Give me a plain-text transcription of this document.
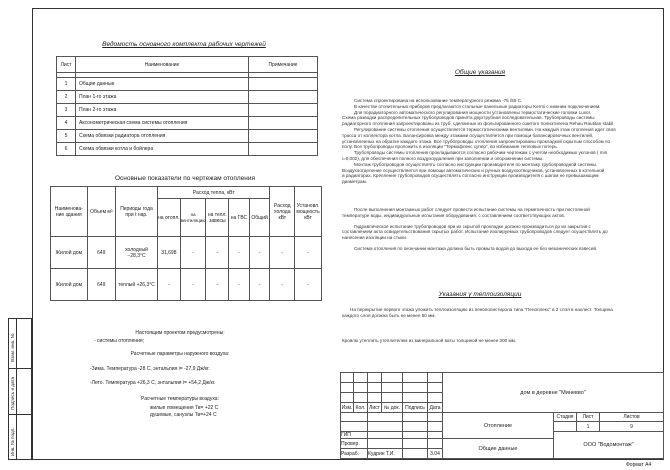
Взам. инв. №
Подпись и дата
Инв. № подл.
Ведомость основного комплекта рабочих чертежей
Лист	Наименование	Примечание

1	Общие данные	
2	План 1-го этажа	
3	План 2-го этажа	
4	Аксонометрическая схема системы отопления	
5	Схема обвязки радиатора отопления	
6	Схема обвязки котла и бойлера	
Основные показатели по чертежам отопления
Наименова-ние здания	Объем м³	Периоды года при t нар.	Расход тепла, кВт					Расход холода кВт	Установл. мощность кВт
			на отопл.	на вентиляцию	на тепл. завесы	на ГВС	Общий		
Жилой дом	649	холодный −28,3°С	31,698	-	-	-	-	-	-
Жилой дом	649	теплый +26,3°С	-	-	-	-	-	-	-
Настоящим проектом предусмотрены:
- системы отопления;
Расчетные параметры наружного воздуха:
-Зима. Температура -28 С, энтальпия i= -27,9 Дж/кг.
-Лето. Температура +26,3 С, энтальпия i= +54,2 Дж/кг.
Расчетные температуры воздуха:
жилые помещения Тв= +22 С
душевые, санузлы Тв=+24 С
Общие указания
Система спроектирована на использование температурного режима -75 /55 С.
В качестве отопительных приборов предлагаются стальные панельные радиаторы Kermi с нижним подключением.
Для порадиаторного автоматического регулирования мощности установлены термостатические головки Luxor.
Схема разводки распределительных трубопроводов принята двухтрубная последовательная. Трубопроводы системы
радиаторного отопления запроектированы из труб, сделанных из фольгированного сшитого полиэтилена Rehau Rautitan stabil.
Регулирование системы отопления осуществляется термостатическими вентилями. На каждый этаж отопления идет своя
трасса от коллектора котла. Балансировка между этажами осуществляется при помощи балансировочных вентилей,
установленных на обратке каждого этажа. Все трубопроводы отопления запроектированы прокладкой скрытым способом по
полу. Все трубопроводы проложить в изоляции "Термофлекс супер", во избежание тепловых потерь.
Трубопроводы системы отопления прокладываются согласно рабочим чертежам с учетом необходимых уклонов ( min
i=0,002), для обеспечения полного воздухоудаления при заполнении и опорожнении системы.
Монтаж трубопроводов осуществлять согласно инструкции производителя по монтажу трубопроводной системы.
Воздухоотделение осуществляется при помощи автоматических и ручных воздухоотводчиков, установленных в котельной
и радиаторах. Крепление трубопроводов осуществлять согласно инструкции производителя с шагом не превышающим
диаметрам.
После выполнения монтажных работ следует провести испытание системы на герметичность при постоянной
температуре воды, индивидуальные испытания оборудования; с составлением соответствующих актов.
Гидравлическое испытание трубопроводов при их скрытой прокладке должно производиться до их закрытия с
составлением акта освидетельствования скрытых работ. Испытание изолируемых трубопроводов следует осуществлять до
нанесения изоляции на стыки.
Система отопления по окончании монтажа должна быть промыта водой до выхода ее без механических взвесей.
Указания у теплоизоляции
На перекрытие первого этажа уложить теплоизоляцию из пенополистирола типа "Пеноплекс" в 2 слоя в нахлест. Толщина
каждого слоя должна быть не менее 50 мм.
Кровлю утеплить утеплителем из минеральной ваты толщиной не менее 200 мм.
						дом в деревне "Миневво"			

Изм.	Кол.	Лист	№ док.	Подпись	Дата				
						Отопление	Стадия	Лист	Листов
								1	9
ГИП							ООО "Водомонтаж"		
Провер.						Общие данные			
Разраб.		Кудрин Т.И.			3.04				
Формат А4
